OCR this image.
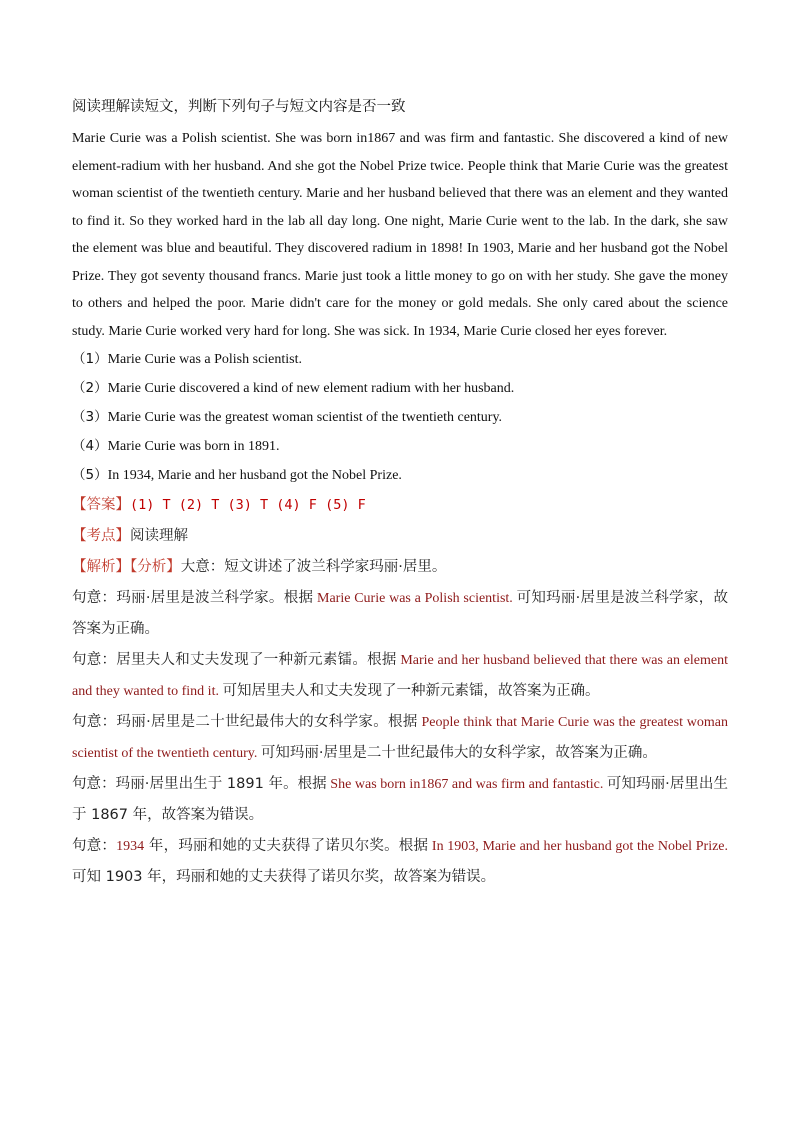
阅读理解读短文，判断下列句子与短文内容是否一致

Marie Curie was a Polish scientist. She was born in1867 and was firm and fantastic. She discovered a kind of new element-radium with her husband. And she got the Nobel Prize twice. People think that Marie Curie was the greatest woman scientist of the twentieth century. Marie and her husband believed that there was an element and they wanted to find it. So they worked hard in the lab all day long. One night, Marie Curie went to the lab. In the dark, she saw the element was blue and beautiful. They discovered radium in 1898! In 1903, Marie and her husband got the Nobel Prize. They got seventy thousand francs. Marie just took a little money to go on with her study. She gave the money to others and helped the poor. Marie didn't care for the money or gold medals. She only cared about the science study. Marie Curie worked very hard for long. She was sick. In 1934, Marie Curie closed her eyes forever.

（1）Marie Curie was a Polish scientist.

（2）Marie Curie discovered a kind of new element radium with her husband.

（3）Marie Curie was the greatest woman scientist of the twentieth century.

（4）Marie Curie was born in 1891.

（5）In 1934, Marie and her husband got the Nobel Prize.

【答案】(1) T (2) T (3) T (4) F (5) F

【考点】阅读理解

【解析】【分析】大意：短文讲述了波兰科学家玛丽·居里。

句意：玛丽·居里是波兰科学家。根据 Marie Curie was a Polish scientist. 可知玛丽·居里是波兰科学家，故答案为正确。

句意：居里夫人和丈夫发现了一种新元素镭。根据 Marie and her husband believed that there was an element and they wanted to find it. 可知居里夫人和丈夫发现了一种新元素镭，故答案为正确。

句意：玛丽·居里是二十世纪最伟大的女科学家。根据 People think that Marie Curie was the greatest woman scientist of the twentieth century. 可知玛丽·居里是二十世纪最伟大的女科学家，故答案为正确。

句意：玛丽·居里出生于 1891 年。根据 She was born in1867 and was firm and fantastic. 可知玛丽·居里出生于 1867 年，故答案为错误。

句意：1934 年，玛丽和她的丈夫获得了诺贝尔奖。根据 In 1903, Marie and her husband got the Nobel Prize. 可知 1903 年，玛丽和她的丈夫获得了诺贝尔奖，故答案为错误。
